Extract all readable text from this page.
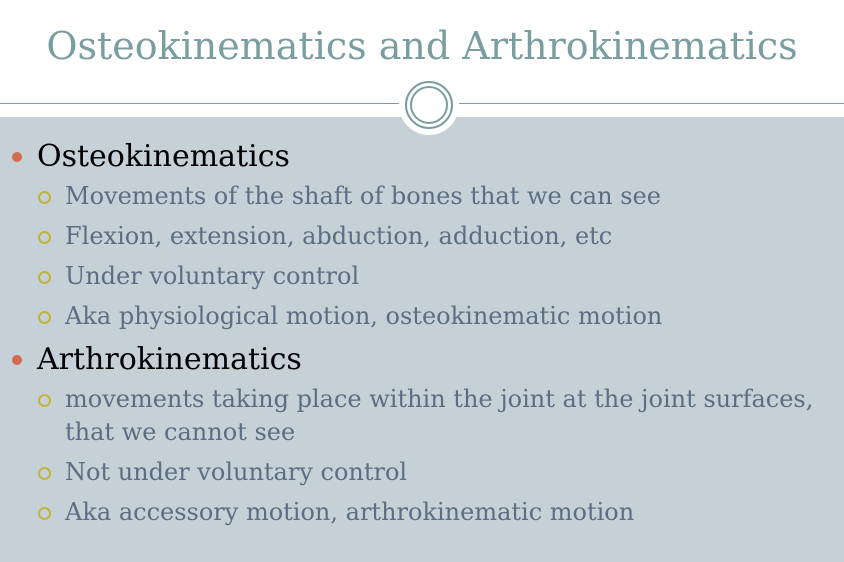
Osteokinematics and Arthrokinematics
Osteokinematics
Movements of the shaft of bones that we can see
Flexion, extension, abduction, adduction, etc
Under voluntary control
Aka physiological motion, osteokinematic motion
Arthrokinematics
movements taking place within the joint at the joint surfaces, that we cannot see
Not under voluntary control
Aka accessory motion, arthrokinematic motion
